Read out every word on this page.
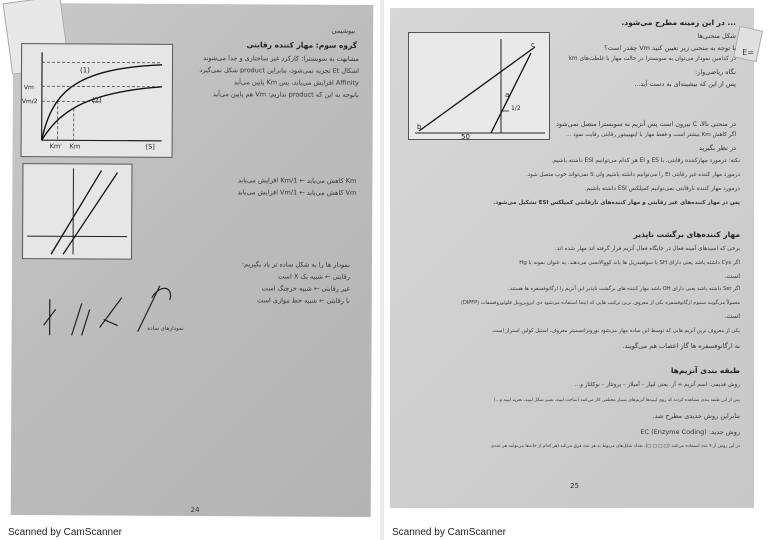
بیوشیمی
گروه سوم: مهار کننده رقابتی
مشابهت به سوبسترا: کارکرد غیر ساختاری و جدا می‌شوند
اشکال Et تجزیه نمی‌شود، بنابراین product شکل نمی‌گیرد
Affinity افزایش می‌یابد، پس Km پایین می‌آید
باتوجه به این که product نداریم: Vm هم پایین می‌آید
(1)
(2)
Vm
Vm/2
Km' Km	[S]
Km کاهش می‌یابد ← 1/Km افزایش می‌یابد
Vm کاهش می‌یابد ← 1/Vm افزایش می‌یابد
نمودار ها را به شکل ساده تر یاد بگیریم:
رقابتی ← شبیه یک X است
غیر رقابتی ← شبیه خرچنگ است
نا رقابتی ← شبیه خط موازی است
نمودارهای ساده
24
Scanned by CamScanner
E=
... در این زمینه مطرح می‌شود.
شکل منحنی‌ها
با توجه به منحنی زیر تعیین کنید Vm چقدر است؟
در کدامین نمودار می‌توان به سوبسترا در حالت مهار با غلظت‌های km
نگاه ریاضی‌وار:
پس از این که بیشینه‌ای به دست آید...
c
a
b
50
1/2
در منحنی بالا، C بیرون است پس آنزیم به سوبسترا متصل نمی‌شود
اگر کاهش Km بیشتر است و فقط مهار با اینهیبیتور رقابتی رقابت نمود ...
در نظر بگیرید
نکته: درمورد مهارکننده رقابتی، با ES و EI هر کدام می‌توانیم ESI داشته باشیم.
درمورد مهار کننده غیر رقابتی EI را می‌توانیم داشته باشیم ولی S نمی‌تواند خوب متصل شود.
درمورد مهار کننده نارقابتی نمی‌توانیم کمپلکس ESI داشته باشیم.
پس در مهار کننده‌های غیر رقابتی و مهار کننده‌های نارقابتی کمپلکس ESI تشکیل می‌شود.
مهار کننده‌های برگشت ناپذیر
برخی که اسیدهای آمینه فعال در جایگاه فعال آنزیم قرار گرفته اند مهار شده اند.
اگر Cys داشته باشد یعنی دارای SH با سولفیدریل ها باند کووالانسی می‌دهند. به عنوان نمونه با Hg
است.
اگر Ser داشته باشد یعنی دارای OH باشد مهار کننده های برگشت ناپذیر این آنزیم را ارگانوفسفره ها هستند.
معمولاً می‌گویند سموم ارگانوفسفره یکی از معروف ترین ترکیب هایی که اینجا استفاده می‌شود دی ایزوپروپیل فلوئوروفسفات (DIPFP)
است.
یکی از معروف ترین آنزیم هایی که توسط این ساده مهار می‌شود نوروترانسمیتر معروف، استیل کولین استراز است.
به ارگانوفسفره ها گاز اعصاب هم می‌گویند.
طبقه بندی آنزیم‌ها
روش قدیمی: اسم آنزیم + آز. یعنی لیپاز – آمیلاز – پروتئاز – نوکلئاز و...
پس از این طبقه بندی مشاهده کردند که روی لیپیدها آنزیم‌های بسیار مختلفی کار می‌کنند (ساخت لیپید، تغییر شکل لیپید، تجزیه لیپید و...)
بنابراین روش جدیدی مطرح شد.
روش جدید: (Enzyme Coding) EC
در این روش از ۴ عدد استفاده می‌کنند (□.□.□.□). تعداد شکل‌های مربوط به هر عدد فرق می‌کند (هر کدام از خانه‌ها می‌توانند هر عددی
25
Scanned by CamScanner
